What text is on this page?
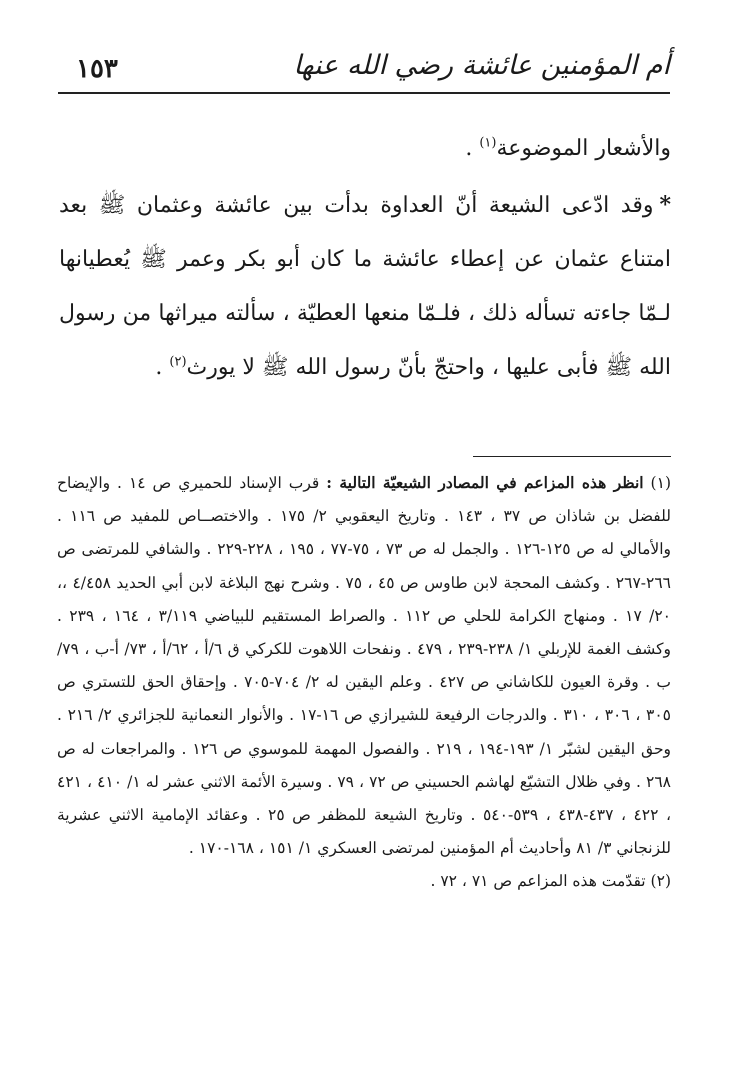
أم المؤمنين عائشة رضي الله عنها
١٥٣

والأشعار الموضوعة$^{(١)}$ .

*وقد ادّعى الشيعة أنّ العداوة بدأت بين عائشة وعثمان ﷺ بعد امتناع عثمان عن إعطاء عائشة ما كان أبو بكر وعمر ﷺ يُعطيانها لـمّا جاءته تسأله ذلك ، فلـمّا منعها العطيّة ، سألته ميراثها من رسول الله ﷺ فأبى عليها ، واحتجّ بأنّ رسول الله ﷺ لا يورث$^{(٢)}$ .

(١) انظر هذه المزاعم في المصادر الشيعيّة التالية : قرب الإسناد للحميري ص ١٤ . والإيضاح للفضل بن شاذان ص ٣٧ ، ١٤٣ . وتاريخ اليعقوبي ٢/ ١٧٥ . والاختصــاص للمفيد ص ١١٦ . والأمالي له ص ١٢٥-١٢٦ . والجمل له ص ٧٣ ، ٧٥-٧٧ ، ١٩٥ ، ٢٢٨-٢٢٩ . والشافي للمرتضى ص ٢٦٦-٢٦٧ . وكشف المحجة لابن طاوس ص ٤٥ ، ٧٥ . وشرح نهج البلاغة لابن أبي الحديد ٤/٤٥٨ ،، ٢٠/ ١٧ . ومنهاج الكرامة للحلي ص ١١٢ . والصراط المستقيم للبياضي ٣/١١٩ ، ١٦٤ ، ٢٣٩ . وكشف الغمة للإربلي ١/ ٢٣٨-٢٣٩ ، ٤٧٩ . ونفحات اللاهوت للكركي ق ٦/أ ، ٦٢/أ ، ٧٣/ أ-ب ، ٧٩/ ب . وقرة العيون للكاشاني ص ٤٢٧ . وعلم اليقين له ٢/ ٧٠٤-٧٠٥ . وإحقاق الحق للتستري ص ٣٠٥ ، ٣٠٦ ، ٣١٠ . والدرجات الرفيعة للشيرازي ص ١٦-١٧ . والأنوار النعمانية للجزائري ٢/ ٢١٦ . وحق اليقين لشبّر ١/ ١٩٣-١٩٤ ، ٢١٩ . والفصول المهمة للموسوي ص ١٢٦ . والمراجعات له ص ٢٦٨ . وفي ظلال التشيّع لهاشم الحسيني ص ٧٢ ، ٧٩ . وسيرة الأئمة الاثني عشر له ١/ ٤١٠ ، ٤٢١ ، ٤٢٢ ، ٤٣٧-٤٣٨ ، ٥٣٩-٥٤٠ . وتاريخ الشيعة للمظفر ص ٢٥ . وعقائد الإمامية الاثني عشرية للزنجاني ٣/ ٨١ وأحاديث أم المؤمنين لمرتضى العسكري ١/ ١٥١ ، ١٦٨-١٧٠ .

(٢) تقدّمت هذه المزاعم ص ٧١ ، ٧٢ .
